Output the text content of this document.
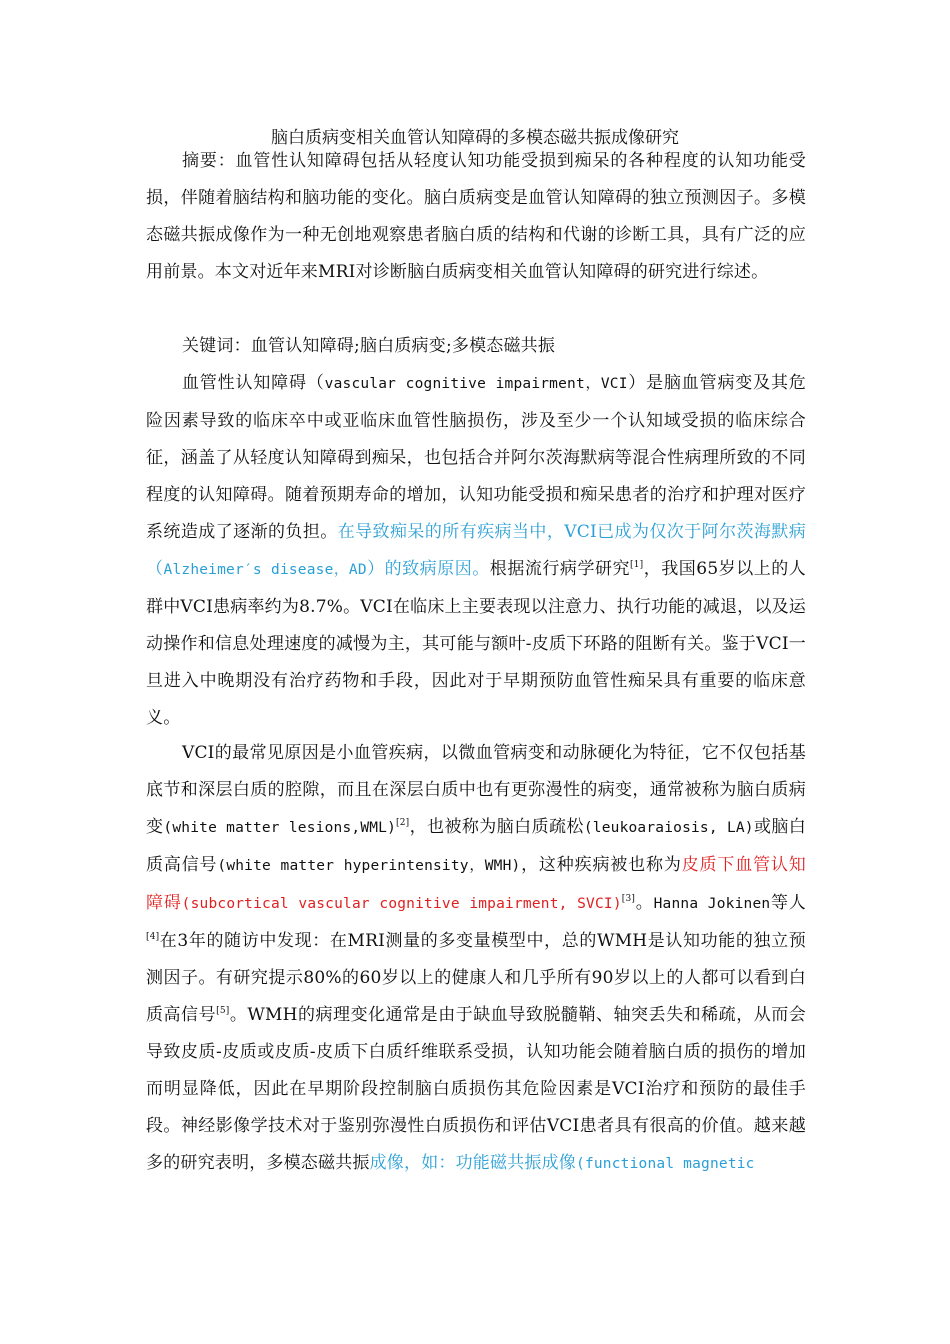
脑白质病变相关血管认知障碍的多模态磁共振成像研究

摘要：血管性认知障碍包括从轻度认知功能受损到痴呆的各种程度的认知功能受损，伴随着脑结构和脑功能的变化。脑白质病变是血管认知障碍的独立预测因子。多模态磁共振成像作为一种无创地观察患者脑白质的结构和代谢的诊断工具，具有广泛的应用前景。本文对近年来MRI对诊断脑白质病变相关血管认知障碍的研究进行综述。

关键词：血管认知障碍;脑白质病变;多模态磁共振

血管性认知障碍（vascular cognitive impairment，VCI）是脑血管病变及其危险因素导致的临床卒中或亚临床血管性脑损伤，涉及至少一个认知域受损的临床综合征，涵盖了从轻度认知障碍到痴呆，也包括合并阿尔茨海默病等混合性病理所致的不同程度的认知障碍。随着预期寿命的增加，认知功能受损和痴呆患者的治疗和护理对医疗系统造成了逐渐的负担。在导致痴呆的所有疾病当中，VCI已成为仅次于阿尔茨海默病（Alzheimer′s disease，AD）的致病原因。根据流行病学研究[1]，我国65岁以上的人群中VCI患病率约为8.7%。VCI在临床上主要表现以注意力、执行功能的减退，以及运动操作和信息处理速度的减慢为主，其可能与额叶-皮质下环路的阻断有关。鉴于VCI一旦进入中晚期没有治疗药物和手段，因此对于早期预防血管性痴呆具有重要的临床意义。

VCI的最常见原因是小血管疾病，以微血管病变和动脉硬化为特征，它不仅包括基底节和深层白质的腔隙，而且在深层白质中也有更弥漫性的病变，通常被称为脑白质病变(white matter lesions,WML)[2]，也被称为脑白质疏松(leukoaraiosis, LA)或脑白质高信号(white matter hyperintensity，WMH)，这种疾病被也称为皮质下血管认知障碍(subcortical vascular cognitive impairment, SVCI)[3]。Hanna Jokinen等人[4]在3年的随访中发现：在MRI测量的多变量模型中，总的WMH是认知功能的独立预测因子。有研究提示80%的60岁以上的健康人和几乎所有90岁以上的人都可以看到白质高信号[5]。WMH的病理变化通常是由于缺血导致脱髓鞘、轴突丢失和稀疏，从而会导致皮质-皮质或皮质-皮质下白质纤维联系受损，认知功能会随着脑白质的损伤的增加而明显降低，因此在早期阶段控制脑白质损伤其危险因素是VCI治疗和预防的最佳手段。神经影像学技术对于鉴别弥漫性白质损伤和评估VCI患者具有很高的价值。越来越多的研究表明，多模态磁共振成像，如：功能磁共振成像(functional magnetic
